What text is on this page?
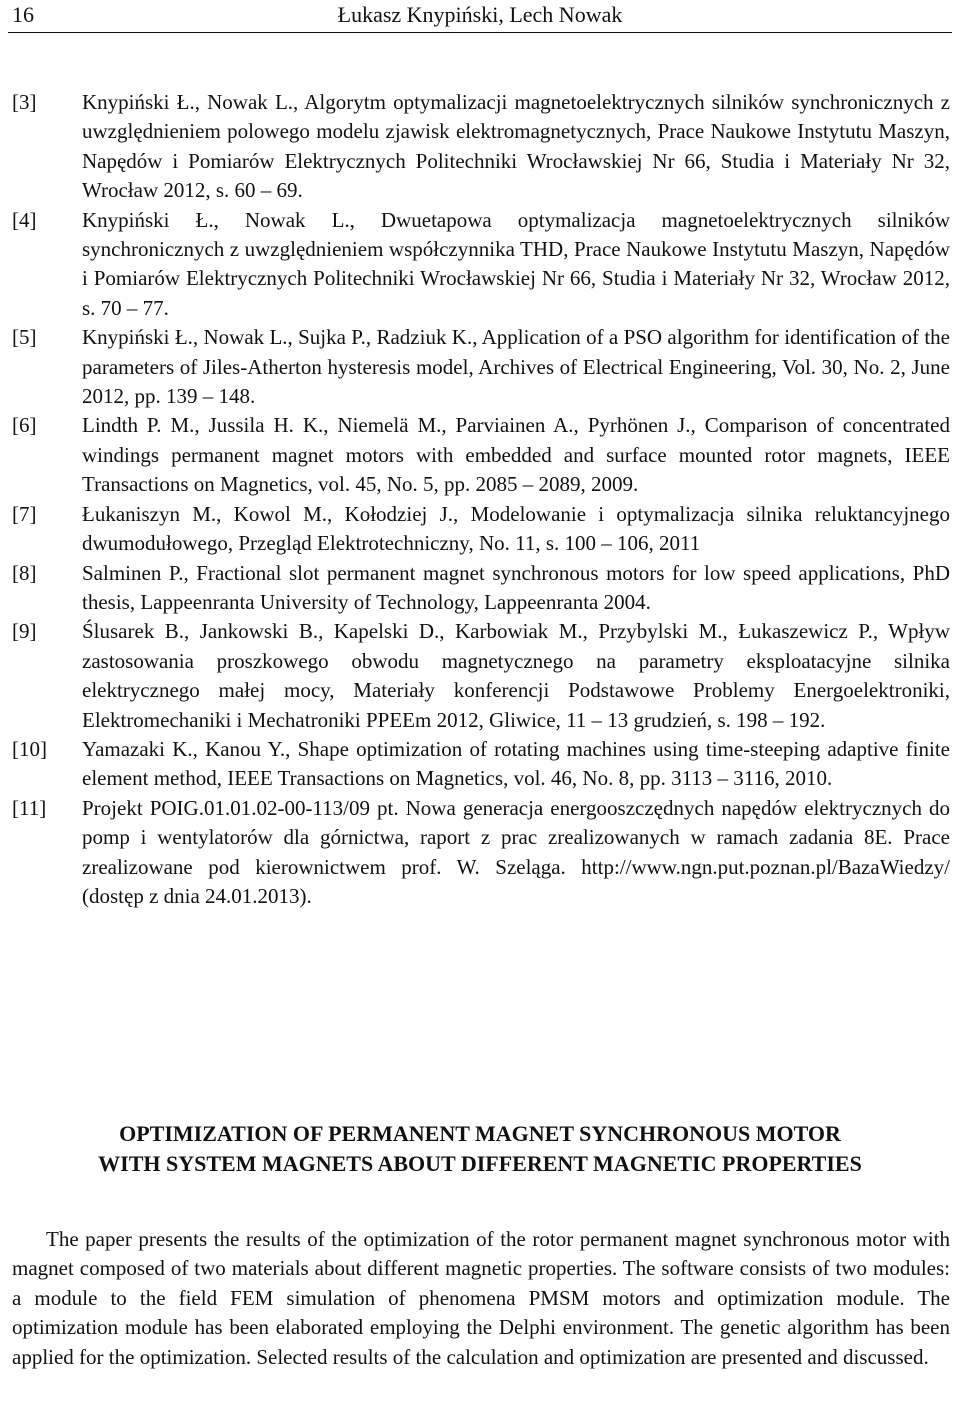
16	Łukasz Knypiński, Lech Nowak
[3]	Knypiński Ł., Nowak L., Algorytm optymalizacji magnetoelektrycznych silników synchronicznych z uwzględnieniem polowego modelu zjawisk elektromagnetycznych, Prace Naukowe Instytutu Maszyn, Napędów i Pomiarów Elektrycznych Politechniki Wrocławskiej Nr 66, Studia i Materiały Nr 32, Wrocław 2012, s. 60 – 69.
[4]	Knypiński Ł., Nowak L., Dwuetapowa optymalizacja magnetoelektrycznych silników synchronicznych z uwzględnieniem współczynnika THD, Prace Naukowe Instytutu Maszyn, Napędów i Pomiarów Elektrycznych Politechniki Wrocławskiej Nr 66, Studia i Materiały Nr 32, Wrocław 2012, s. 70 – 77.
[5]	Knypiński Ł., Nowak L., Sujka P., Radziuk K., Application of a PSO algorithm for identification of the parameters of Jiles-Atherton hysteresis model, Archives of Electrical Engineering, Vol. 30, No. 2, June 2012, pp. 139 – 148.
[6]	Lindth P. M., Jussila H. K., Niemelä M., Parviainen A., Pyrhönen J., Comparison of concentrated windings permanent magnet motors with embedded and surface mounted rotor magnets, IEEE Transactions on Magnetics, vol. 45, No. 5, pp. 2085 – 2089, 2009.
[7]	Łukaniszyn M., Kowol M., Kołodziej J., Modelowanie i optymalizacja silnika reluktancyjnego dwumodułowego, Przegląd Elektrotechniczny, No. 11, s. 100 – 106, 2011
[8]	Salminen P., Fractional slot permanent magnet synchronous motors for low speed applications, PhD thesis, Lappeenranta University of Technology, Lappeenranta 2004.
[9]	Ślusarek B., Jankowski B., Kapelski D., Karbowiak M., Przybylski M., Łukaszewicz P., Wpływ zastosowania proszkowego obwodu magnetycznego na parametry eksploatacyjne silnika elektrycznego małej mocy, Materiały konferencji Podstawowe Problemy Energoelektroniki, Elektromechaniki i Mechatroniki PPEEm 2012, Gliwice, 11 – 13 grudzień, s. 198 – 192.
[10]	Yamazaki K., Kanou Y., Shape optimization of rotating machines using time-steeping adaptive finite element method, IEEE Transactions on Magnetics, vol. 46, No. 8, pp. 3113 – 3116, 2010.
[11]	Projekt POIG.01.01.02-00-113/09 pt. Nowa generacja energooszczędnych napędów elektrycznych do pomp i wentylatorów dla górnictwa, raport z prac zrealizowanych w ramach zadania 8E. Prace zrealizowane pod kierownictwem prof. W. Szeląga. http://www.ngn.put.poznan.pl/BazaWiedzy/ (dostęp z dnia 24.01.2013).
OPTIMIZATION OF PERMANENT MAGNET SYNCHRONOUS MOTOR
WITH SYSTEM MAGNETS ABOUT DIFFERENT MAGNETIC PROPERTIES

The paper presents the results of the optimization of the rotor permanent magnet synchronous motor with magnet composed of two materials about different magnetic properties. The software consists of two modules: a module to the field FEM simulation of phenomena PMSM motors and optimization module. The optimization module has been elaborated employing the Delphi environment. The genetic algorithm has been applied for the optimization. Selected results of the calculation and optimization are presented and discussed.
